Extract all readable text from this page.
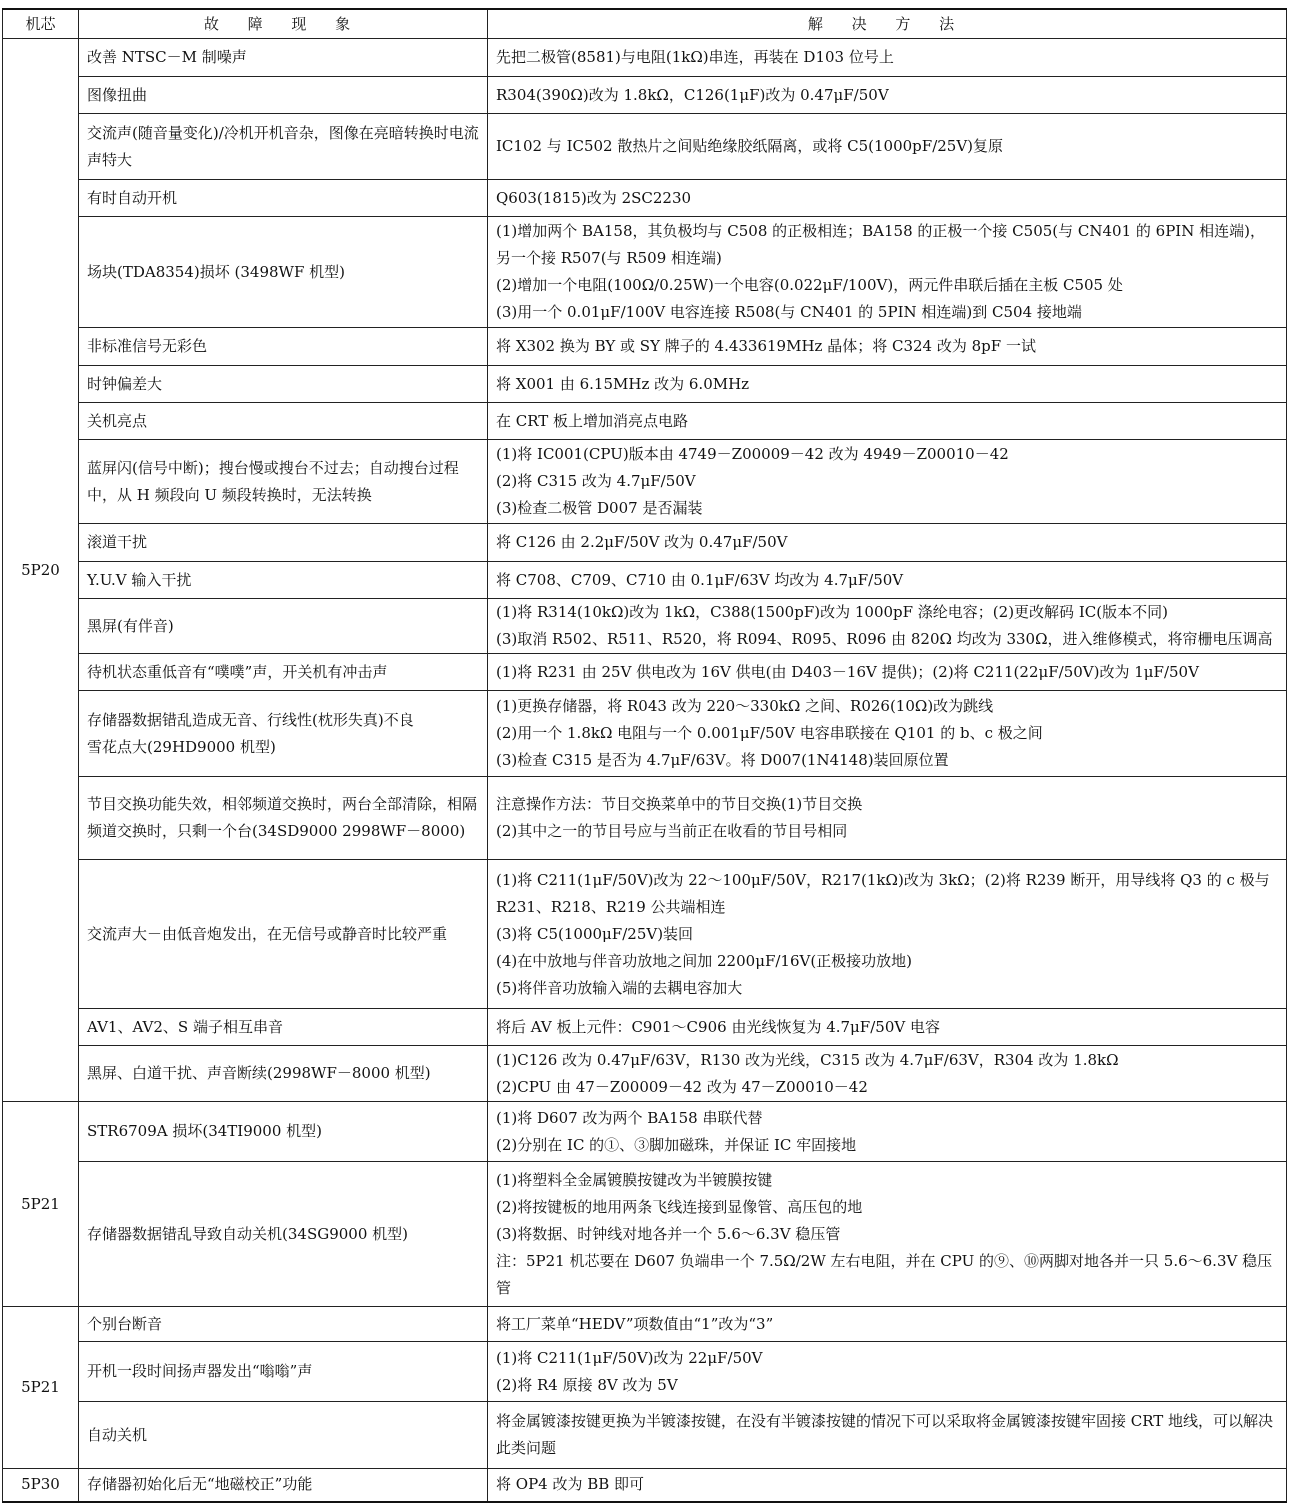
机芯	故 障 现 象	解 决 方 法
5P20	改善 NTSC－M 制噪声	先把二极管(8581)与电阻(1kΩ)串连，再装在 D103 位号上

	图像扭曲	R304(390Ω)改为 1.8kΩ，C126(1μF)改为 0.47μF/50V

	交流声(随音量变化)/冷机开机音杂，图像在亮暗转换时电流声特大	IC102 与 IC502 散热片之间贴绝缘胶纸隔离，或将 C5(1000pF/25V)复原

	有时自动开机	Q603(1815)改为 2SC2230

	场块(TDA8354)损坏 (3498WF 机型)	(1)增加两个 BA158，其负极均与 C508 的正极相连；BA158 的正极一个接 C505(与 CN401 的 6PIN 相连端)，另一个接 R507(与 R509 相连端)
(2)增加一个电阻(100Ω/0.25W)一个电容(0.022μF/100V)，两元件串联后插在主板 C505 处
(3)用一个 0.01μF/100V 电容连接 R508(与 CN401 的 5PIN 相连端)到 C504 接地端

	非标准信号无彩色	将 X302 换为 BY 或 SY 牌子的 4.433619MHz 晶体；将 C324 改为 8pF 一试

	时钟偏差大	将 X001 由 6.15MHz 改为 6.0MHz

	关机亮点	在 CRT 板上增加消亮点电路

	蓝屏闪(信号中断)；搜台慢或搜台不过去；自动搜台过程中，从 H 频段向 U 频段转换时，无法转换	(1)将 IC001(CPU)版本由 4749－Z00009－42 改为 4949－Z00010－42
(2)将 C315 改为 4.7μF/50V
(3)检查二极管 D007 是否漏装

	滚道干扰	将 C126 由 2.2μF/50V 改为 0.47μF/50V

	Y.U.V 输入干扰	将 C708、C709、C710 由 0.1μF/63V 均改为 4.7μF/50V

	黑屏(有伴音)	(1)将 R314(10kΩ)改为 1kΩ，C388(1500pF)改为 1000pF 涤纶电容；(2)更改解码 IC(版本不同)
(3)取消 R502、R511、R520，将 R094、R095、R096 由 820Ω 均改为 330Ω，进入维修模式，将帘栅电压调高

	待机状态重低音有“噗噗”声，开关机有冲击声	(1)将 R231 由 25V 供电改为 16V 供电(由 D403－16V 提供)；(2)将 C211(22μF/50V)改为 1μF/50V

	存储器数据错乱造成无音、行线性(枕形失真)不良
雪花点大(29HD9000 机型)	(1)更换存储器，将 R043 改为 220～330kΩ 之间、R026(10Ω)改为跳线
(2)用一个 1.8kΩ 电阻与一个 0.001μF/50V 电容串联接在 Q101 的 b、c 极之间
(3)检查 C315 是否为 4.7μF/63V。将 D007(1N4148)装回原位置

	节目交换功能失效，相邻频道交换时，两台全部清除，相隔频道交换时，只剩一个台(34SD9000 2998WF－8000)	注意操作方法：节目交换菜单中的节目交换(1)节目交换
(2)其中之一的节目号应与当前正在收看的节目号相同

	交流声大－由低音炮发出，在无信号或静音时比较严重	(1)将 C211(1μF/50V)改为 22～100μF/50V，R217(1kΩ)改为 3kΩ；(2)将 R239 断开，用导线将 Q3 的 c 极与 R231、R218、R219 公共端相连
(3)将 C5(1000μF/25V)装回
(4)在中放地与伴音功放地之间加 2200μF/16V(正极接功放地)
(5)将伴音功放输入端的去耦电容加大

	AV1、AV2、S 端子相互串音	将后 AV 板上元件：C901～C906 由光线恢复为 4.7μF/50V 电容

	黑屏、白道干扰、声音断续(2998WF－8000 机型)	(1)C126 改为 0.47μF/63V，R130 改为光线，C315 改为 4.7μF/63V，R304 改为 1.8kΩ
(2)CPU 由 47－Z00009－42 改为 47－Z00010－42

5P21	STR6709A 损坏(34TI9000 机型)	(1)将 D607 改为两个 BA158 串联代替
(2)分别在 IC 的①、③脚加磁珠，并保证 IC 牢固接地

	存储器数据错乱导致自动关机(34SG9000 机型)	(1)将塑料全金属镀膜按键改为半镀膜按键
(2)将按键板的地用两条飞线连接到显像管、高压包的地
(3)将数据、时钟线对地各并一个 5.6～6.3V 稳压管
注：5P21 机芯要在 D607 负端串一个 7.5Ω/2W 左右电阻，并在 CPU 的⑨、⑩两脚对地各并一只 5.6～6.3V 稳压管

5P21	个别台断音	将工厂菜单“HEDV”项数值由“1”改为“3”

	开机一段时间扬声器发出“嗡嗡”声	(1)将 C211(1μF/50V)改为 22μF/50V
(2)将 R4 原接 8V 改为 5V

	自动关机	将金属镀漆按键更换为半镀漆按键，在没有半镀漆按键的情况下可以采取将金属镀漆按键牢固接 CRT 地线，可以解决此类问题

5P30	存储器初始化后无“地磁校正”功能	将 OP4 改为 BB 即可
